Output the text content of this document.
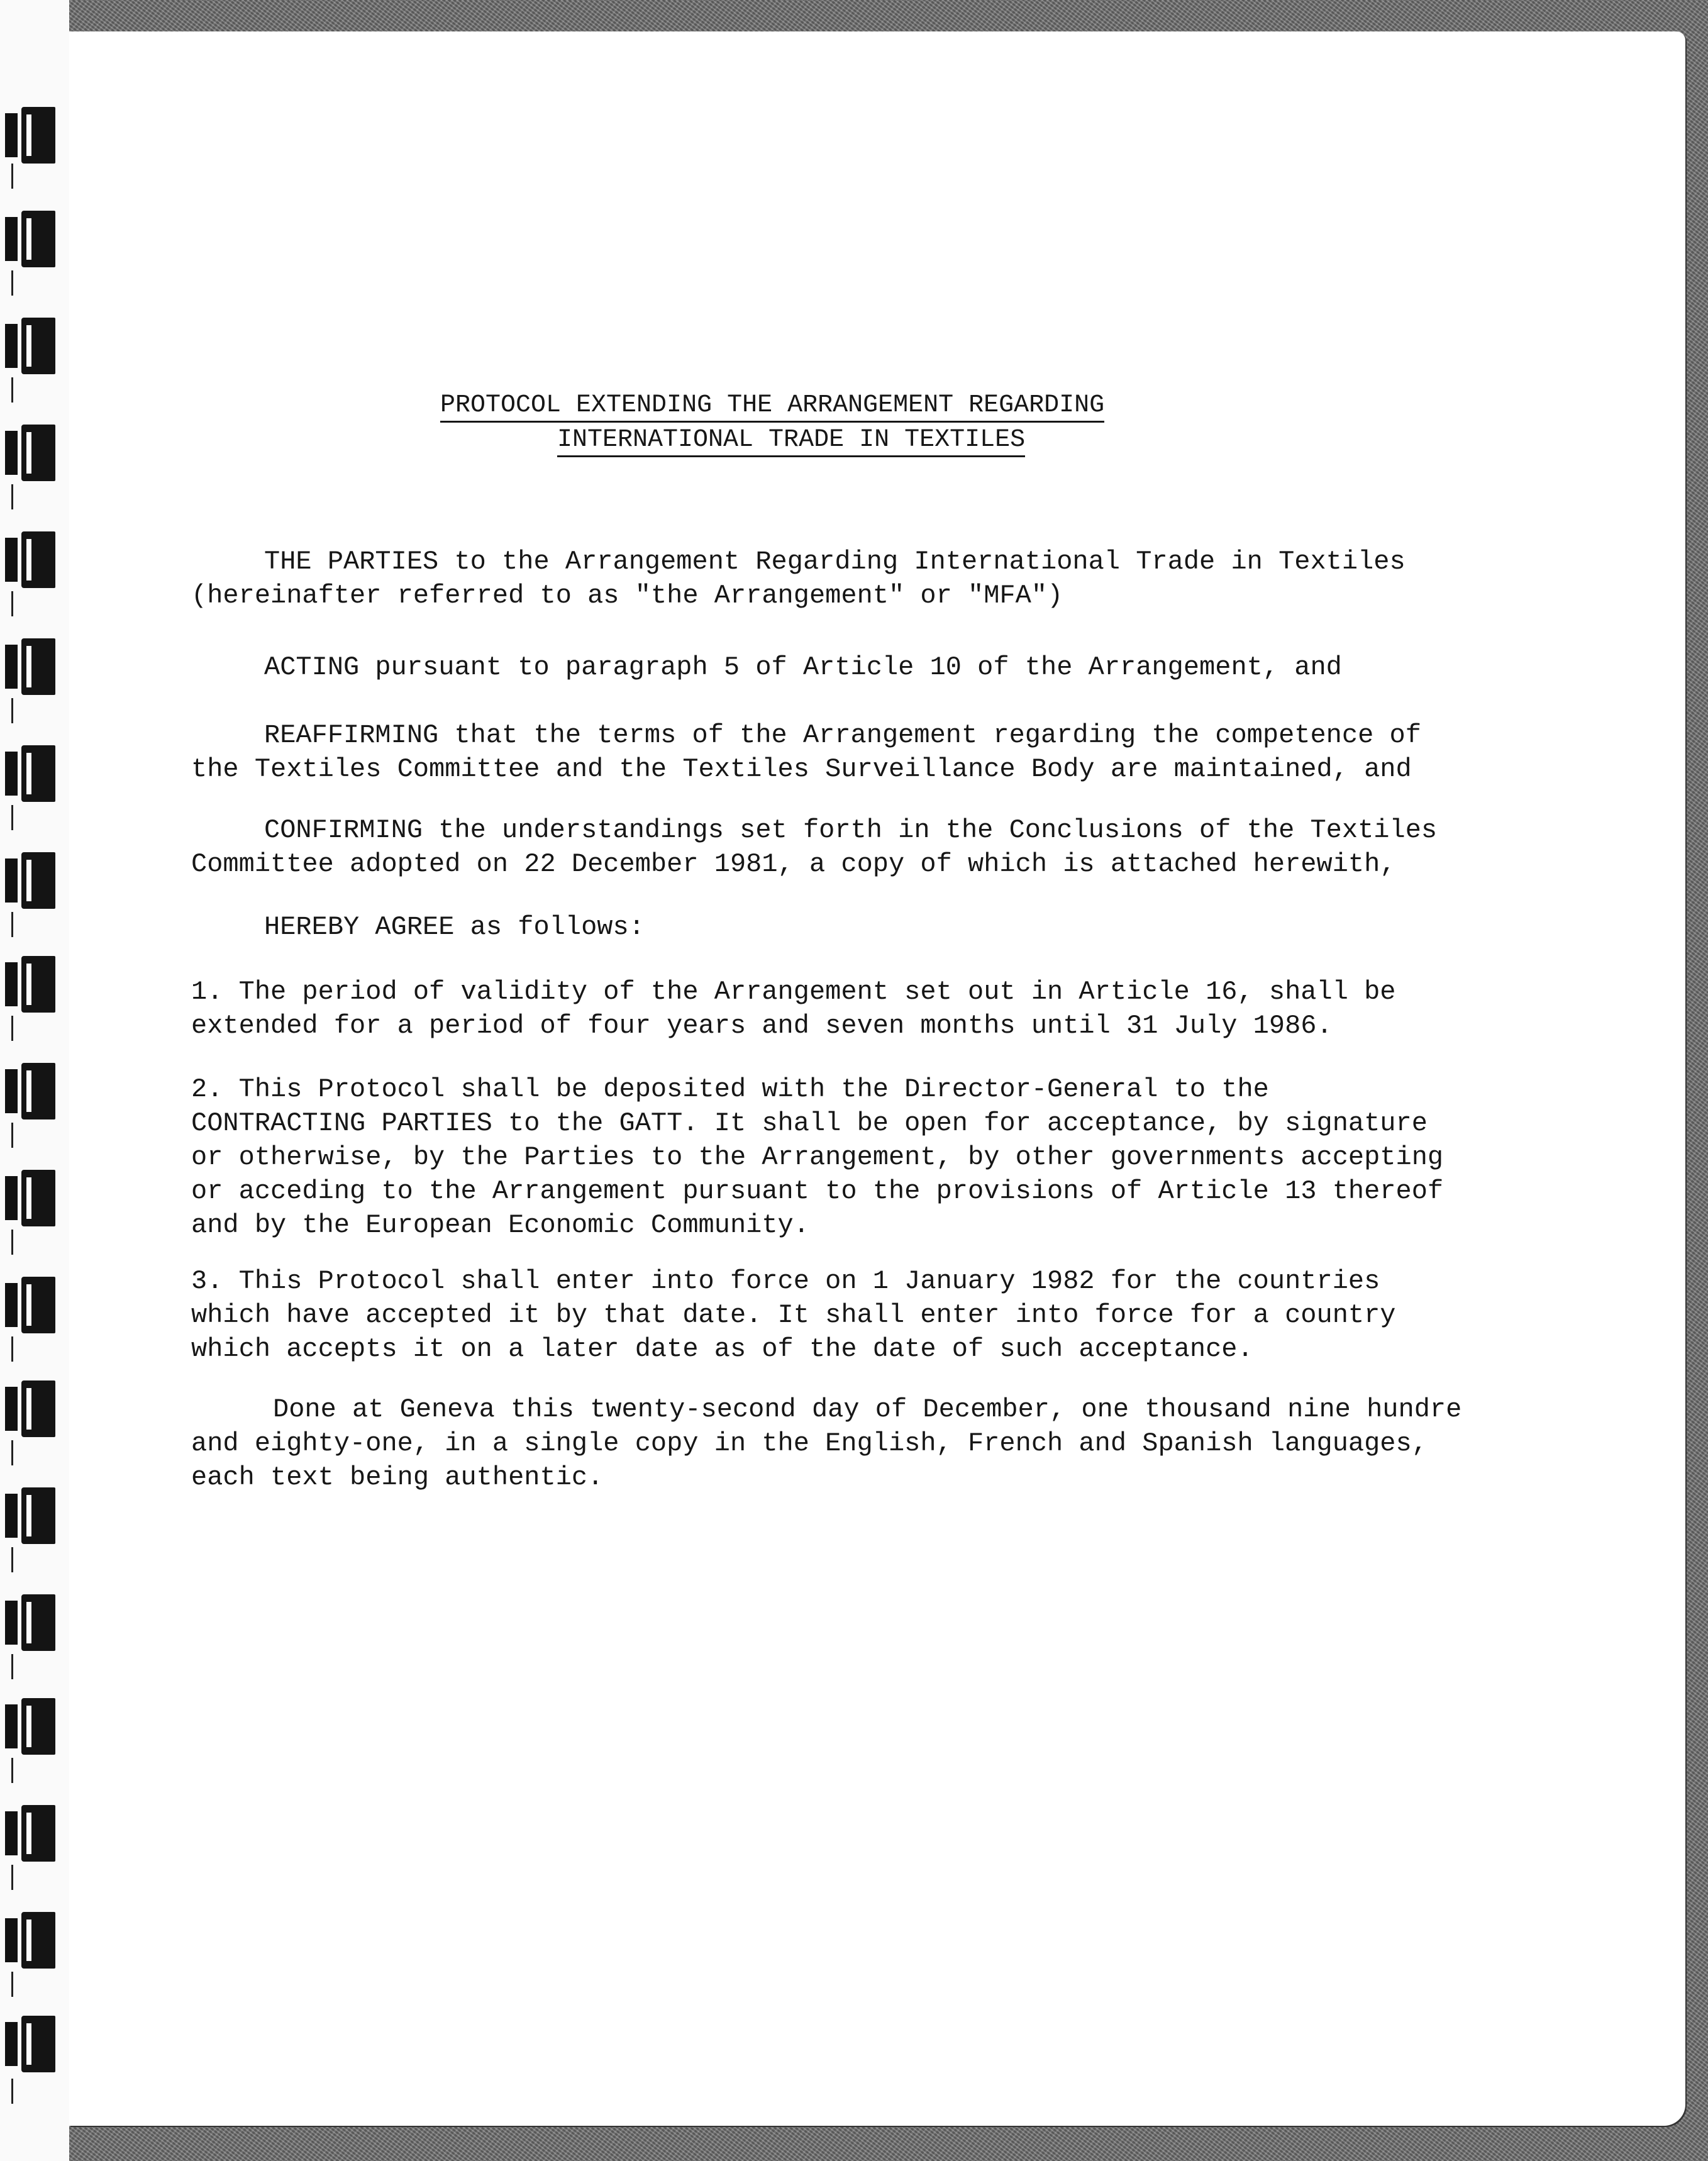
PROTOCOL EXTENDING THE ARRANGEMENT REGARDING
INTERNATIONAL TRADE IN TEXTILES
THE PARTIES to the Arrangement Regarding International Trade in Textiles
(hereinafter referred to as "the Arrangement" or "MFA")
ACTING pursuant to paragraph 5 of Article 10 of the Arrangement, and
REAFFIRMING that the terms of the Arrangement regarding the competence of
the Textiles Committee and the Textiles Surveillance Body are maintained, and
CONFIRMING the understandings set forth in the Conclusions of the Textiles
Committee adopted on 22 December 1981, a copy of which is attached herewith,
HEREBY AGREE as follows:
1. The period of validity of the Arrangement set out in Article 16, shall be
extended for a period of four years and seven months until 31 July 1986.
2. This Protocol shall be deposited with the Director-General to the
CONTRACTING PARTIES to the GATT. It shall be open for acceptance, by signature
or otherwise, by the Parties to the Arrangement, by other governments accepting
or acceding to the Arrangement pursuant to the provisions of Article 13 thereof
and by the European Economic Community.
3. This Protocol shall enter into force on 1 January 1982 for the countries
which have accepted it by that date. It shall enter into force for a country
which accepts it on a later date as of the date of such acceptance.
Done at Geneva this twenty-second day of December, one thousand nine hundre
and eighty-one, in a single copy in the English, French and Spanish languages,
each text being authentic.
